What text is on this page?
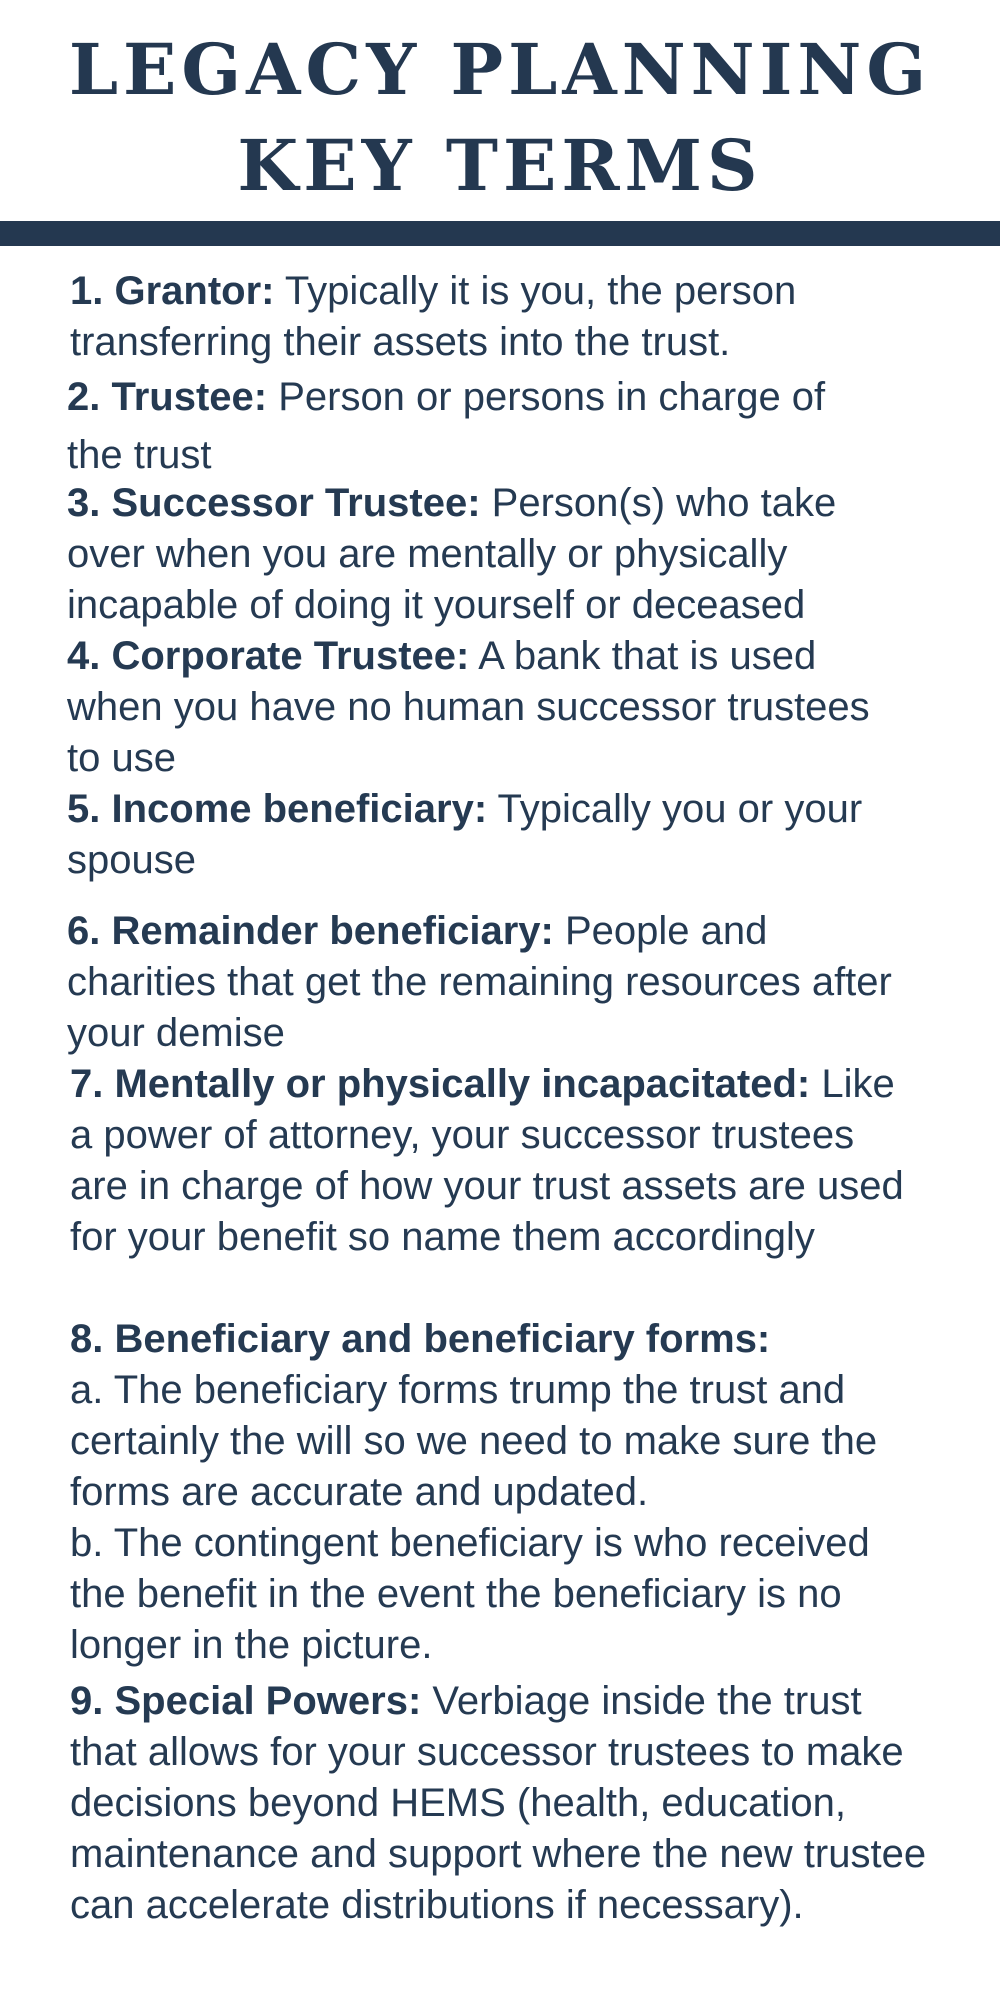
LEGACY PLANNING
KEY TERMS

1. Grantor: Typically it is you, the person
transferring their assets into the trust.

2. Trustee: Person or persons in charge of
the trust

3. Successor Trustee: Person(s) who take
over when you are mentally or physically
incapable of doing it yourself or deceased

4. Corporate Trustee: A bank that is used
when you have no human successor trustees
to use

5. Income beneficiary: Typically you or your
spouse

6. Remainder beneficiary: People and
charities that get the remaining resources after
your demise

7. Mentally or physically incapacitated: Like
a power of attorney, your successor trustees
are in charge of how your trust assets are used
for your benefit so name them accordingly

8. Beneficiary and beneficiary forms:

a. The beneficiary forms trump the trust and
certainly the will so we need to make sure the
forms are accurate and updated.
b. The contingent beneficiary is who received
the benefit in the event the beneficiary is no
longer in the picture.

9. Special Powers: Verbiage inside the trust
that allows for your successor trustees to make
decisions beyond HEMS (health, education,
maintenance and support where the new trustee
can accelerate distributions if necessary).
